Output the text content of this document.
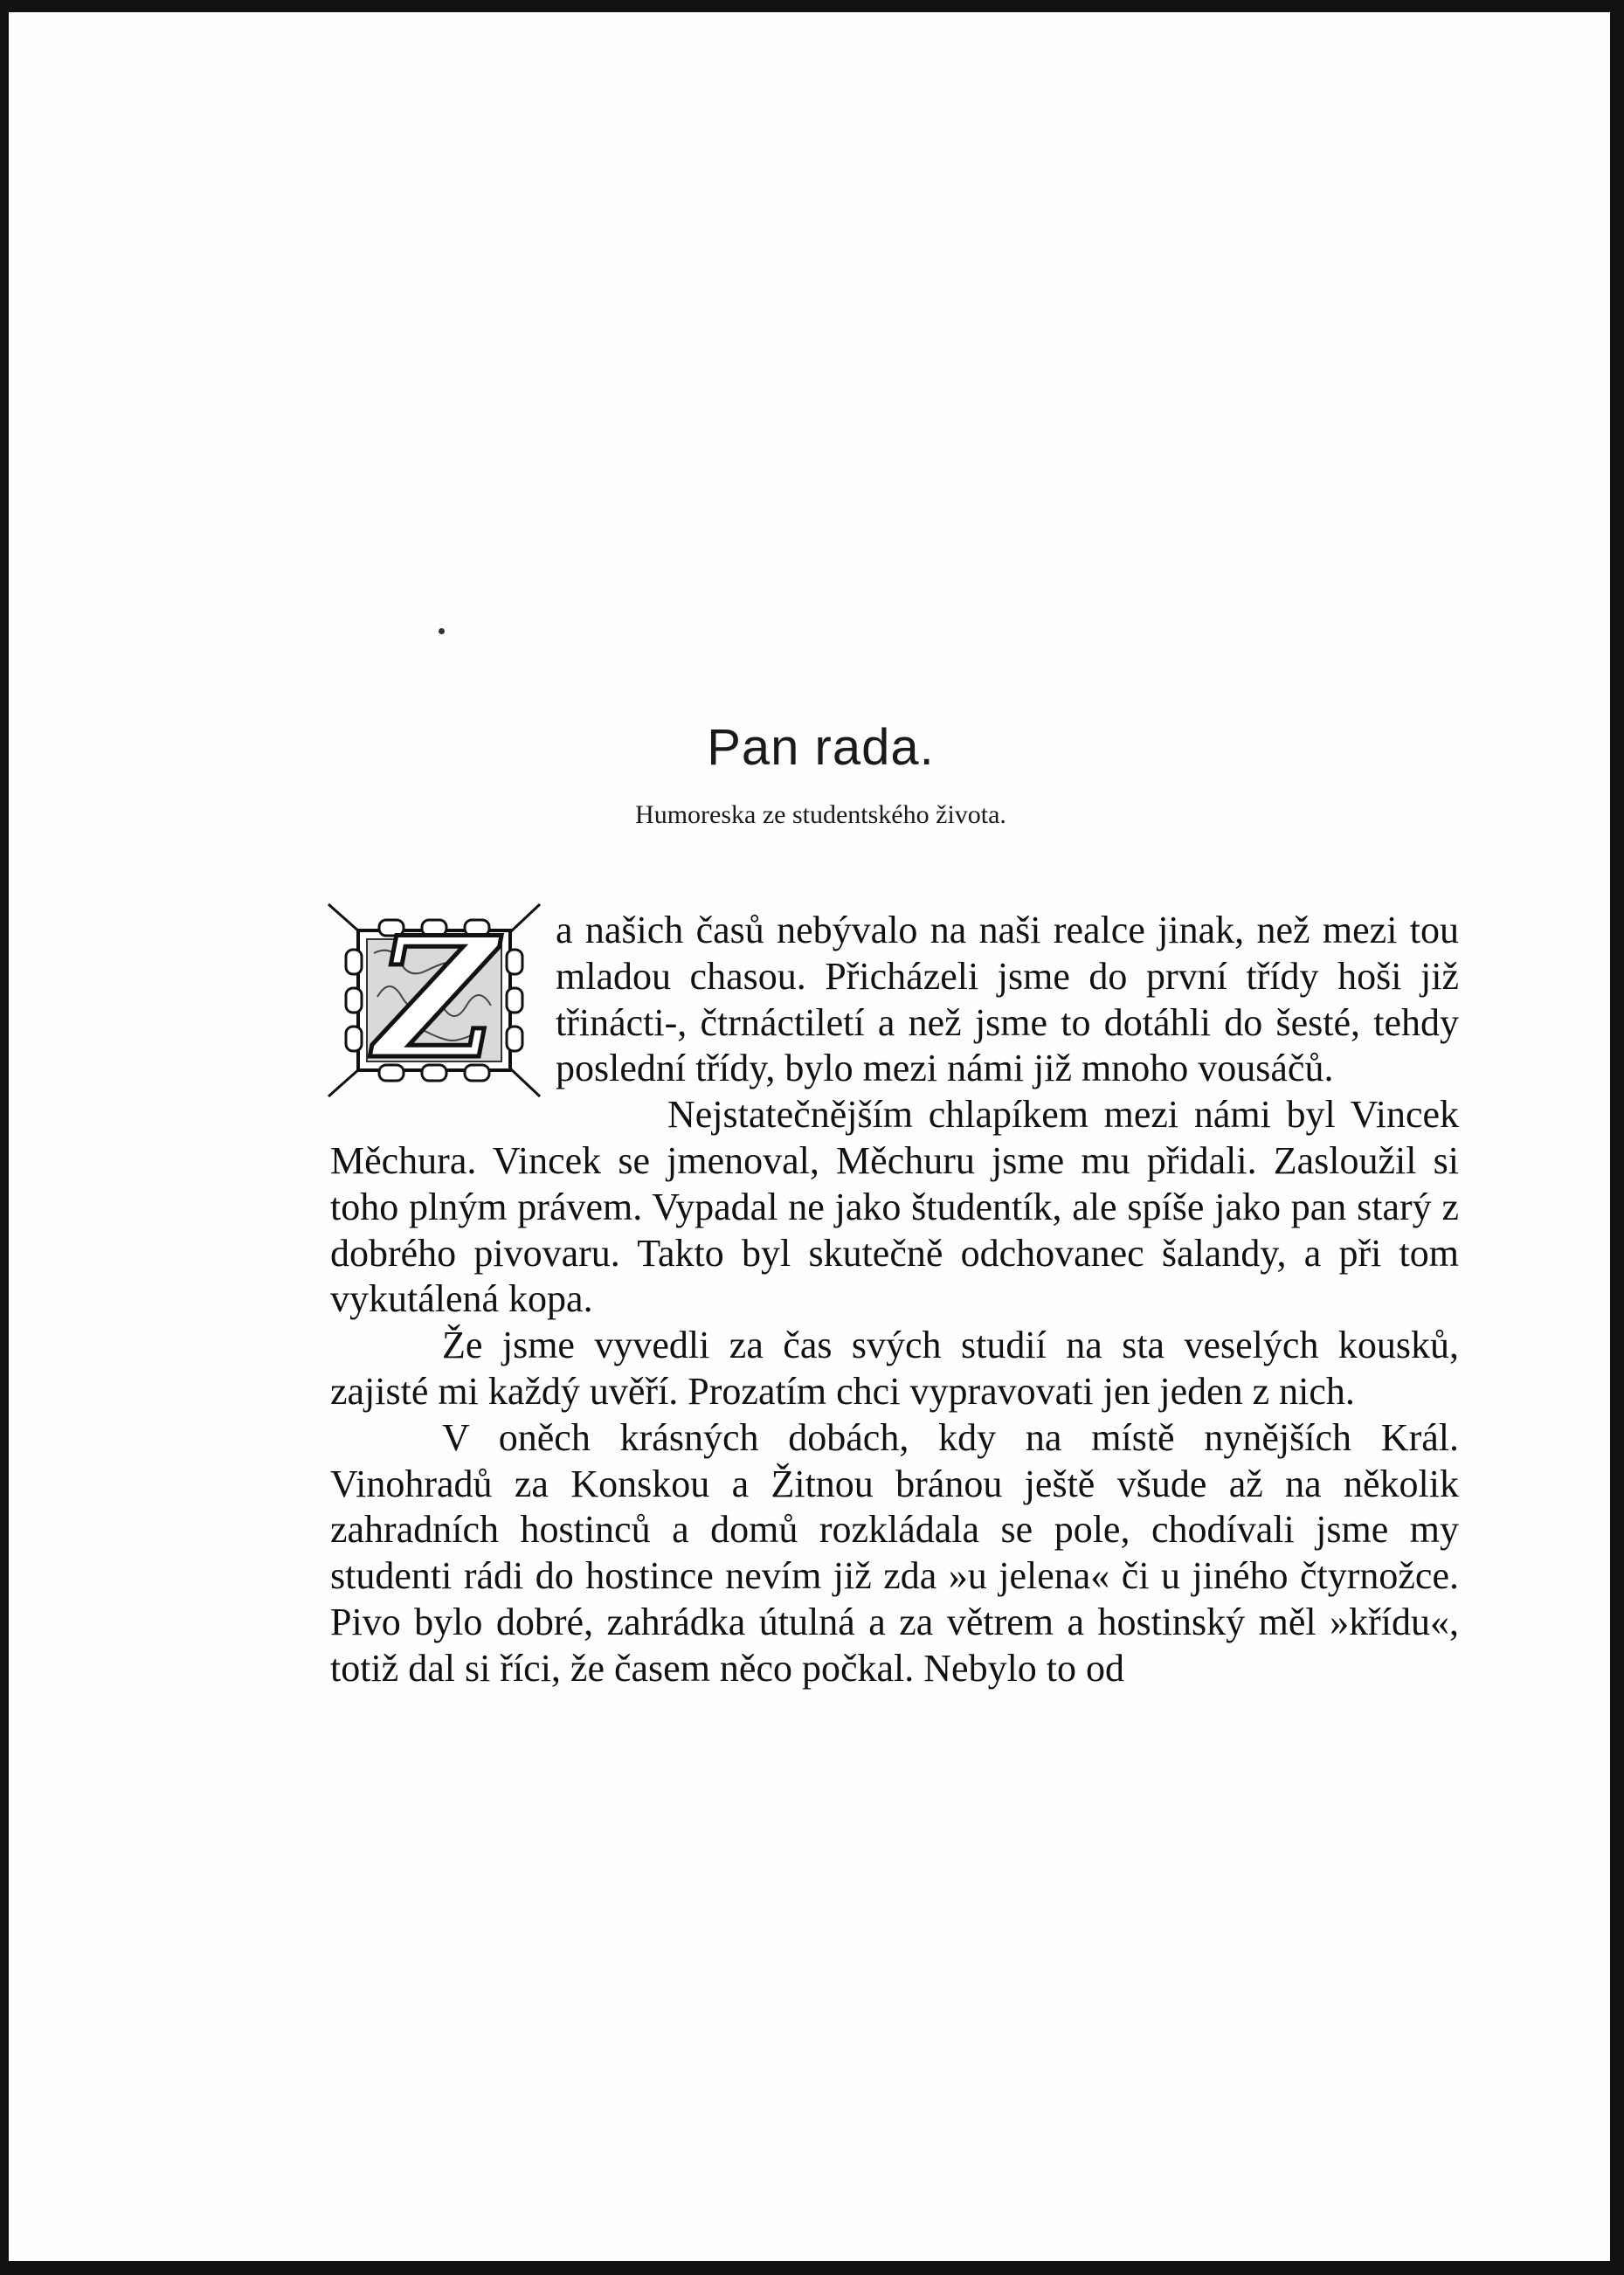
Pan rada.
Humoreska ze studentského života.

Z a našich časů nebývalo na naši realce jinak, než mezi tou mladou chasou. Přicházeli jsme do první třídy hoši již třinácti-, čtrnáctiletí a než jsme to dotáhli do šesté, tehdy poslední třídy, bylo mezi námi již mnoho vousáčů.

Nejstatečnějším chlapíkem mezi námi byl Vincek Měchura. Vincek se jmenoval, Měchuru jsme mu přidali. Zasloužil si toho plným právem. Vypadal ne jako študentík, ale spíše jako pan starý z dobrého pivovaru. Takto byl skutečně odchovanec šalandy, a při tom vykutálená kopa.

Že jsme vyvedli za čas svých studií na sta veselých kousků, zajisté mi každý uvěří. Prozatím chci vypravovati jen jeden z nich.

V oněch krásných dobách, kdy na místě nynějších Král. Vinohradů za Konskou a Žitnou bránou ještě všude až na několik zahradních hostinců a domů rozkládala se pole, chodívali jsme my studenti rádi do hostince nevím již zda »u jelena« či u jiného čtyrnožce. Pivo bylo dobré, zahrádka útulná a za větrem a hostinský měl »křídu«, totiž dal si říci, že časem něco počkal. Nebylo to od
